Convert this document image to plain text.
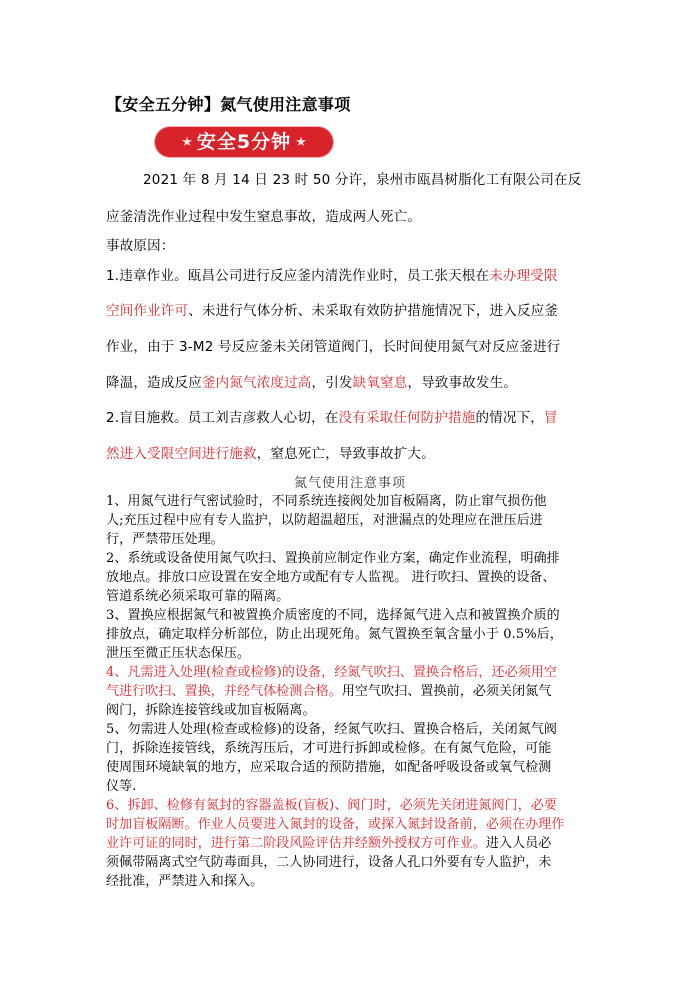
【安全五分钟】氮气使用注意事项
★ 安全5分钟 ★
2021 年 8 月 14 日 23 时 50 分许，泉州市瓯昌树脂化工有限公司在反
应釜清洗作业过程中发生窒息事故，造成两人死亡。
事故原因：
1.违章作业。瓯昌公司进行反应釜内清洗作业时，员工张天根在未办理受限
空间作业许可、未进行气体分析、未采取有效防护措施情况下，进入反应釜
作业，由于 3-M2 号反应釜未关闭管道阀门，长时间使用氮气对反应釜进行
降温，造成反应釜内氮气浓度过高，引发缺氧窒息，导致事故发生。
2.盲目施救。员工刘吉彦救人心切，在没有采取任何防护措施的情况下，冒
然进入受限空间进行施救，窒息死亡，导致事故扩大。
氮气使用注意事项
1、用氮气进行气密试验时，不同系统连接阀处加盲板隔离，防止窜气损伤他
人;充压过程中应有专人监护，以防超温超压，对泄漏点的处理应在泄压后进
行，严禁带压处理。
2、系统或设备使用氮气吹扫、置换前应制定作业方案，确定作业流程，明确排
放地点。排放口应设置在安全地方或配有专人监视。 进行吹扫、置换的设备、
管道系统必须采取可靠的隔离。
3、置换应根据氮气和被置换介质密度的不同，选择氮气进入点和被置换介质的
排放点，确定取样分析部位，防止出现死角。氮气置换至氧含量小于 0.5%后，
泄压至微正压状态保压。
4、凡需进入处理(检查或检修)的设备，经氮气吹扫、置换合格后，还必须用空
气进行吹扫、置换，并经气体检测合格。用空气吹扫、置换前，必须关闭氮气
阀门，拆除连接管线或加盲板隔离。
5、勿需进人处理(检查或检修)的设备，经氮气吹扫、置换合格后，关闭氮气阀
门，拆除连接管线，系统泻压后，才可进行拆卸或检修。在有氮气危险，可能
使周围环境缺氧的地方，应采取合适的预防措施，如配备呼吸设备或氧气检测
仪等.
6、拆卸、检修有氮封的容器盖板(盲板)、阀门时，必须先关闭进氮阀门，必要
时加盲板隔断。作业人员要进入氮封的设备，或探入氮封设备前，必须在办理作
业许可证的同时，进行第二阶段风险评估并经额外授权方可作业。进入人员必
须佩带隔离式空气防毒面具，二人协同进行，设备人孔口外要有专人监护，未
经批准，严禁进入和探入。
